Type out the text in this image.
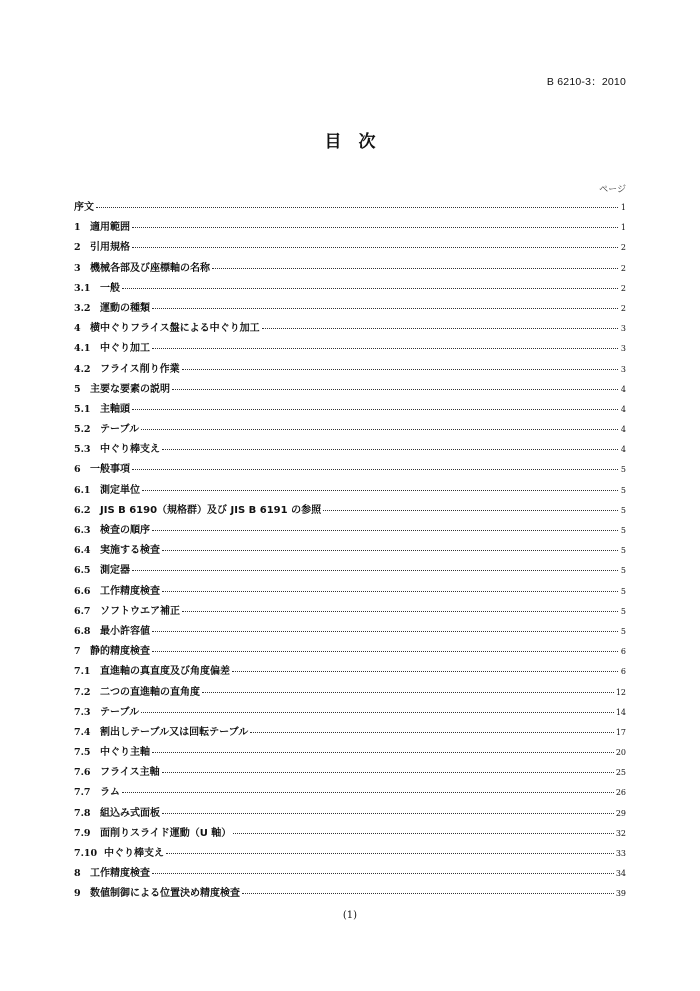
B 6210-3：2010
目　次
ページ
序文	1
1 適用範囲	1
2 引用規格	2
3 機械各部及び座標軸の名称	2
3.1 一般	2
3.2 運動の種類	2
4 横中ぐりフライス盤による中ぐり加工	3
4.1 中ぐり加工	3
4.2 フライス削り作業	3
5 主要な要素の説明	4
5.1 主軸頭	4
5.2 テーブル	4
5.3 中ぐり棒支え	4
6 一般事項	5
6.1 測定単位	5
6.2 JIS B 6190（規格群）及び JIS B 6191 の参照	5
6.3 検査の順序	5
6.4 実施する検査	5
6.5 測定器	5
6.6 工作精度検査	5
6.7 ソフトウエア補正	5
6.8 最小許容値	5
7 静的精度検査	6
7.1 直進軸の真直度及び角度偏差	6
7.2 二つの直進軸の直角度	12
7.3 テーブル	14
7.4 割出しテーブル又は回転テーブル	17
7.5 中ぐり主軸	20
7.6 フライス主軸	25
7.7 ラム	26
7.8 組込み式面板	29
7.9 面削りスライド運動（U 軸）	32
7.10 中ぐり棒支え	33
8 工作精度検査	34
9 数値制御による位置決め精度検査	39
(1)
